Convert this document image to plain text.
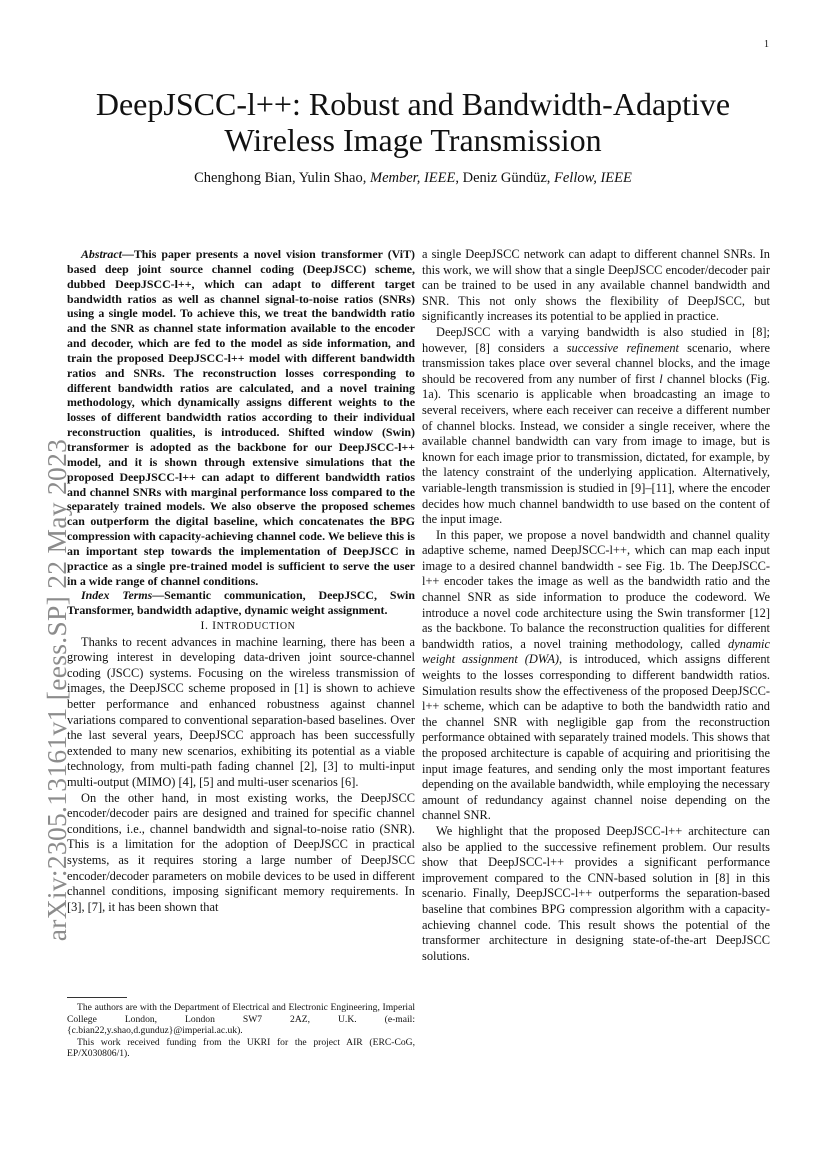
1
arXiv:2305.13161v1 [eess.SP] 22 May 2023
DeepJSCC-l++: Robust and Bandwidth-Adaptive
Wireless Image Transmission
Chenghong Bian, Yulin Shao, Member, IEEE, Deniz Gündüz, Fellow, IEEE

Abstract—This paper presents a novel vision transformer (ViT) based deep joint source channel coding (DeepJSCC) scheme, dubbed DeepJSCC-l++, which can adapt to different target bandwidth ratios as well as channel signal-to-noise ratios (SNRs) using a single model. To achieve this, we treat the bandwidth ratio and the SNR as channel state information available to the encoder and decoder, which are fed to the model as side information, and train the proposed DeepJSCC-l++ model with different bandwidth ratios and SNRs. The reconstruction losses corresponding to different bandwidth ratios are calculated, and a novel training methodology, which dynamically assigns different weights to the losses of different bandwidth ratios according to their individual reconstruction qualities, is introduced. Shifted window (Swin) transformer is adopted as the backbone for our DeepJSCC-l++ model, and it is shown through extensive simulations that the proposed DeepJSCC-l++ can adapt to different bandwidth ratios and channel SNRs with marginal performance loss compared to the separately trained models. We also observe the proposed schemes can outperform the digital baseline, which concatenates the BPG compression with capacity-achieving channel code. We believe this is an important step towards the implementation of DeepJSCC in practice as a single pre-trained model is sufficient to serve the user in a wide range of channel conditions.

Index Terms—Semantic communication, DeepJSCC, Swin Transformer, bandwidth adaptive, dynamic weight assignment.

I. INTRODUCTION

Thanks to recent advances in machine learning, there has been a growing interest in developing data-driven joint source-channel coding (JSCC) systems. Focusing on the wireless transmission of images, the DeepJSCC scheme proposed in [1] is shown to achieve better performance and enhanced robustness against channel variations compared to conventional separation-based baselines. Over the last several years, DeepJSCC approach has been successfully extended to many new scenarios, exhibiting its potential as a viable technology, from multi-path fading channel [2], [3] to multi-input multi-output (MIMO) [4], [5] and multi-user scenarios [6].

On the other hand, in most existing works, the DeepJSCC encoder/decoder pairs are designed and trained for specific channel conditions, i.e., channel bandwidth and signal-to-noise ratio (SNR). This is a limitation for the adoption of DeepJSCC in practical systems, as it requires storing a large number of DeepJSCC encoder/decoder parameters on mobile devices to be used in different channel conditions, imposing significant memory requirements. In [3], [7], it has been shown that

a single DeepJSCC network can adapt to different channel SNRs. In this work, we will show that a single DeepJSCC encoder/decoder pair can be trained to be used in any available channel bandwidth and SNR. This not only shows the flexibility of DeepJSCC, but significantly increases its potential to be applied in practice.

DeepJSCC with a varying bandwidth is also studied in [8]; however, [8] considers a successive refinement scenario, where transmission takes place over several channel blocks, and the image should be recovered from any number of first l channel blocks (Fig. 1a). This scenario is applicable when broadcasting an image to several receivers, where each receiver can receive a different number of channel blocks. Instead, we consider a single receiver, where the available channel bandwidth can vary from image to image, but is known for each image prior to transmission, dictated, for example, by the latency constraint of the underlying application. Alternatively, variable-length transmission is studied in [9]–[11], where the encoder decides how much channel bandwidth to use based on the content of the input image.

In this paper, we propose a novel bandwidth and channel quality adaptive scheme, named DeepJSCC-l++, which can map each input image to a desired channel bandwidth - see Fig. 1b. The DeepJSCC-l++ encoder takes the image as well as the bandwidth ratio and the channel SNR as side information to produce the codeword. We introduce a novel code architecture using the Swin transformer [12] as the backbone. To balance the reconstruction qualities for different bandwidth ratios, a novel training methodology, called dynamic weight assignment (DWA), is introduced, which assigns different weights to the losses corresponding to different bandwidth ratios. Simulation results show the effectiveness of the proposed DeepJSCC-l++ scheme, which can be adaptive to both the bandwidth ratio and the channel SNR with negligible gap from the reconstruction performance obtained with separately trained models. This shows that the proposed architecture is capable of acquiring and prioritising the input image features, and sending only the most important features depending on the available bandwidth, while employing the necessary amount of redundancy against channel noise depending on the channel SNR.

We highlight that the proposed DeepJSCC-l++ architecture can also be applied to the successive refinement problem. Our results show that DeepJSCC-l++ provides a significant performance improvement compared to the CNN-based solution in [8] in this scenario. Finally, DeepJSCC-l++ outperforms the separation-based baseline that combines BPG compression algorithm with a capacity-achieving channel code. This result shows the potential of the transformer architecture in designing state-of-the-art DeepJSCC solutions.

The authors are with the Department of Electrical and Electronic Engineering, Imperial College London, London SW7 2AZ, U.K. (e-mail: {c.bian22,y.shao,d.gunduz}@imperial.ac.uk).

This work received funding from the UKRI for the project AIR (ERC-CoG, EP/X030806/1).
